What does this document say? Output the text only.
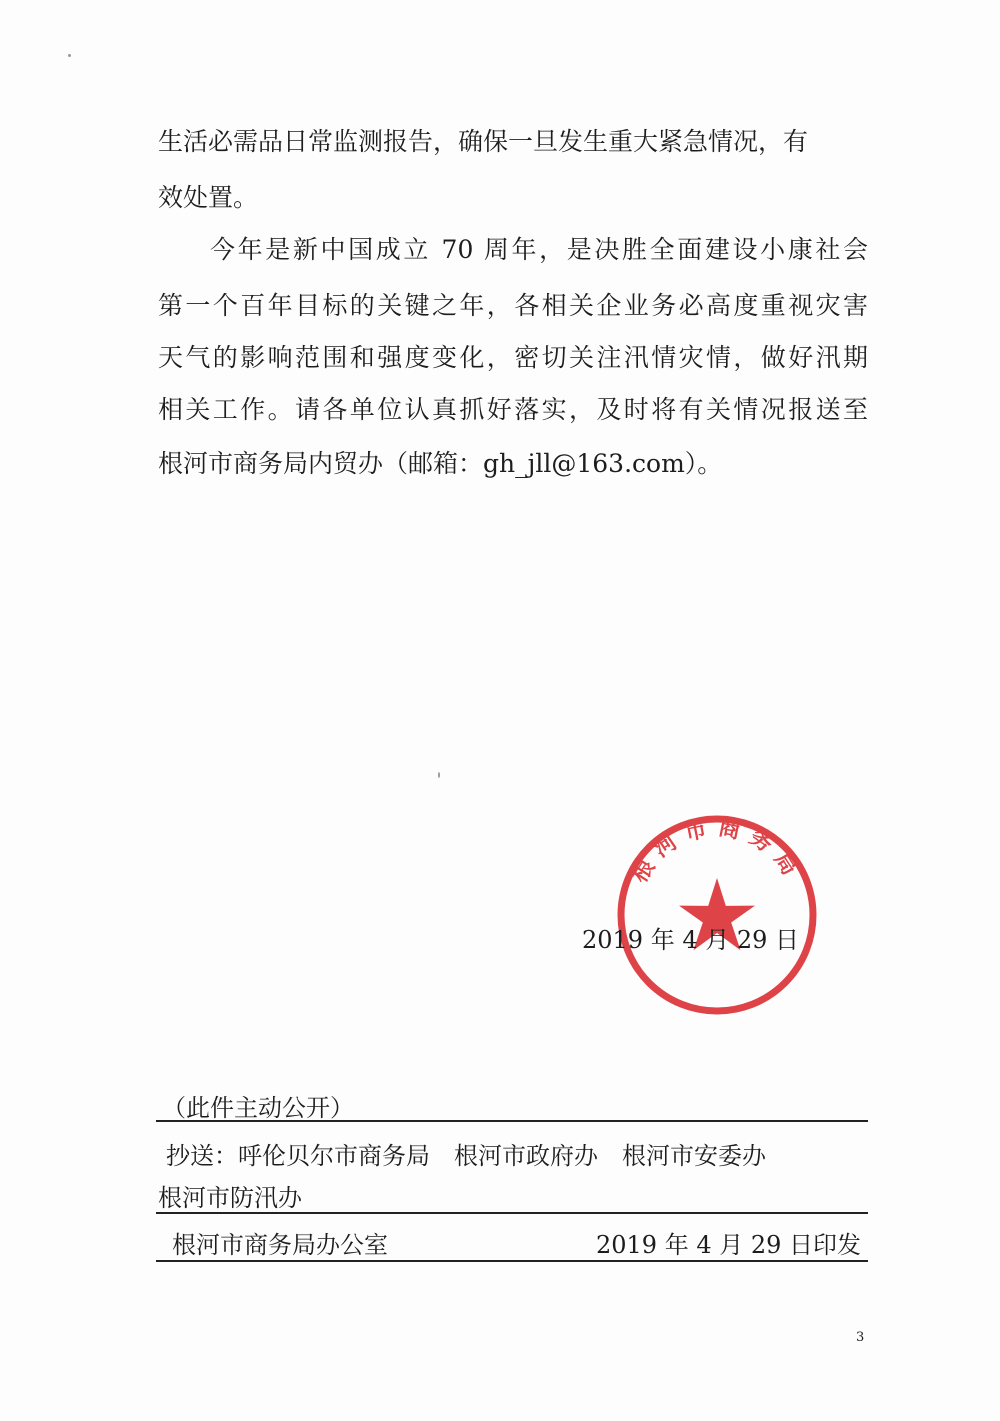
生活必需品日常监测报告，确保一旦发生重大紧急情况，有
效处置。
今年是新中国成立 70 周年，是决胜全面建设小康社会
第一个百年目标的关键之年，各相关企业务必高度重视灾害
天气的影响范围和强度变化，密切关注汛情灾情，做好汛期
相关工作。请各单位认真抓好落实，及时将有关情况报送至
根河市商务局内贸办（邮箱：gh_jll@163.com）。
根河市商务局
2019 年 4 月 29 日
（此件主动公开）
抄送：呼伦贝尔市商务局　根河市政府办　根河市安委办
根河市防汛办
根河市商务局办公室	2019 年 4 月 29 日印发
3
